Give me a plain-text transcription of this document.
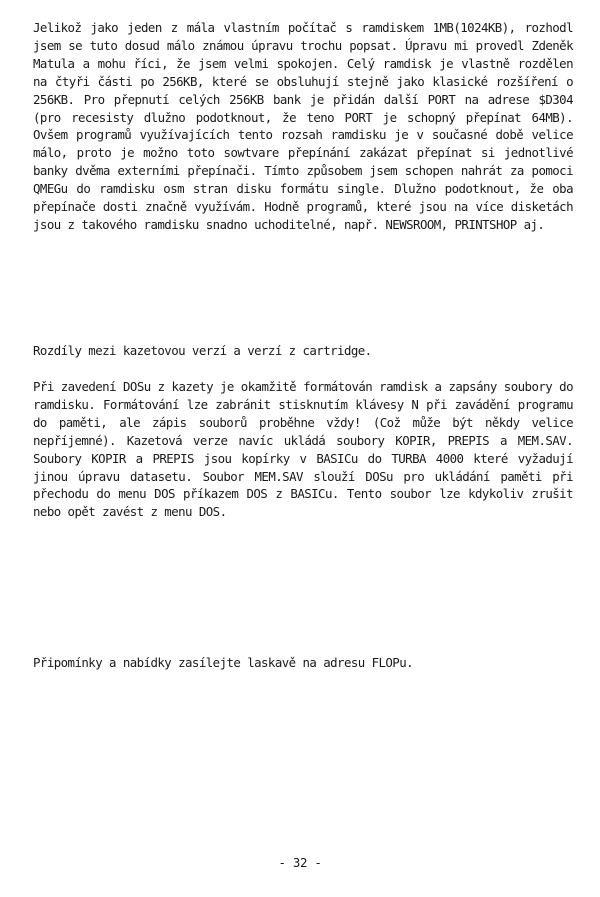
Jelikož jako jeden z mála vlastním počítač s ramdiskem 1MB(1024KB), rozhodl jsem se tuto dosud málo známou úpravu trochu popsat. Úpravu mi provedl Zdeněk Matula a mohu říci, že jsem velmi spokojen. Celý ramdisk je vlastně rozdělen na čtyři části po 256KB, které se obsluhují stejně jako klasické rozšíření o 256KB. Pro přepnutí celých 256KB bank je přidán další PORT na adrese $D304 (pro recesisty dlužno podotknout, že teno PORT je schopný přepínat 64MB). Ovšem programů využívajících tento rozsah ramdisku je v současné době velice málo, proto je možno toto sowtvare přepínání zakázat přepínat si jednotlivé banky dvěma externími přepínači. Tímto způsobem jsem schopen nahrát za pomoci QMEGu do ramdisku osm stran disku formátu single. Dlužno podotknout, že oba přepínače dosti značně využívám. Hodně programů, které jsou na více disketách jsou z takového ramdisku snadno uchoditelné, např. NEWSROOM, PRINTSHOP aj.

Rozdíly mezi kazetovou verzí a verzí z cartridge.

Při zavedení DOSu z kazety je okamžitě formátován ramdisk a zapsány soubory do ramdisku. Formátování lze zabránit stisknutím klávesy N při zavádění programu do paměti, ale zápis souborů proběhne vždy! (Což může být někdy velice nepříjemné). Kazetová verze navíc ukládá soubory KOPIR, PREPIS a MEM.SAV. Soubory KOPIR a PREPIS jsou kopírky v BASICu do TURBA 4000 které vyžadují jinou úpravu datasetu. Soubor MEM.SAV slouží DOSu pro ukládání paměti při přechodu do menu DOS příkazem DOS z BASICu. Tento soubor lze kdykoliv zrušit nebo opět zavést z menu DOS.

Připomínky a nabídky zasílejte laskavě na adresu FLOPu.

- 32 -
